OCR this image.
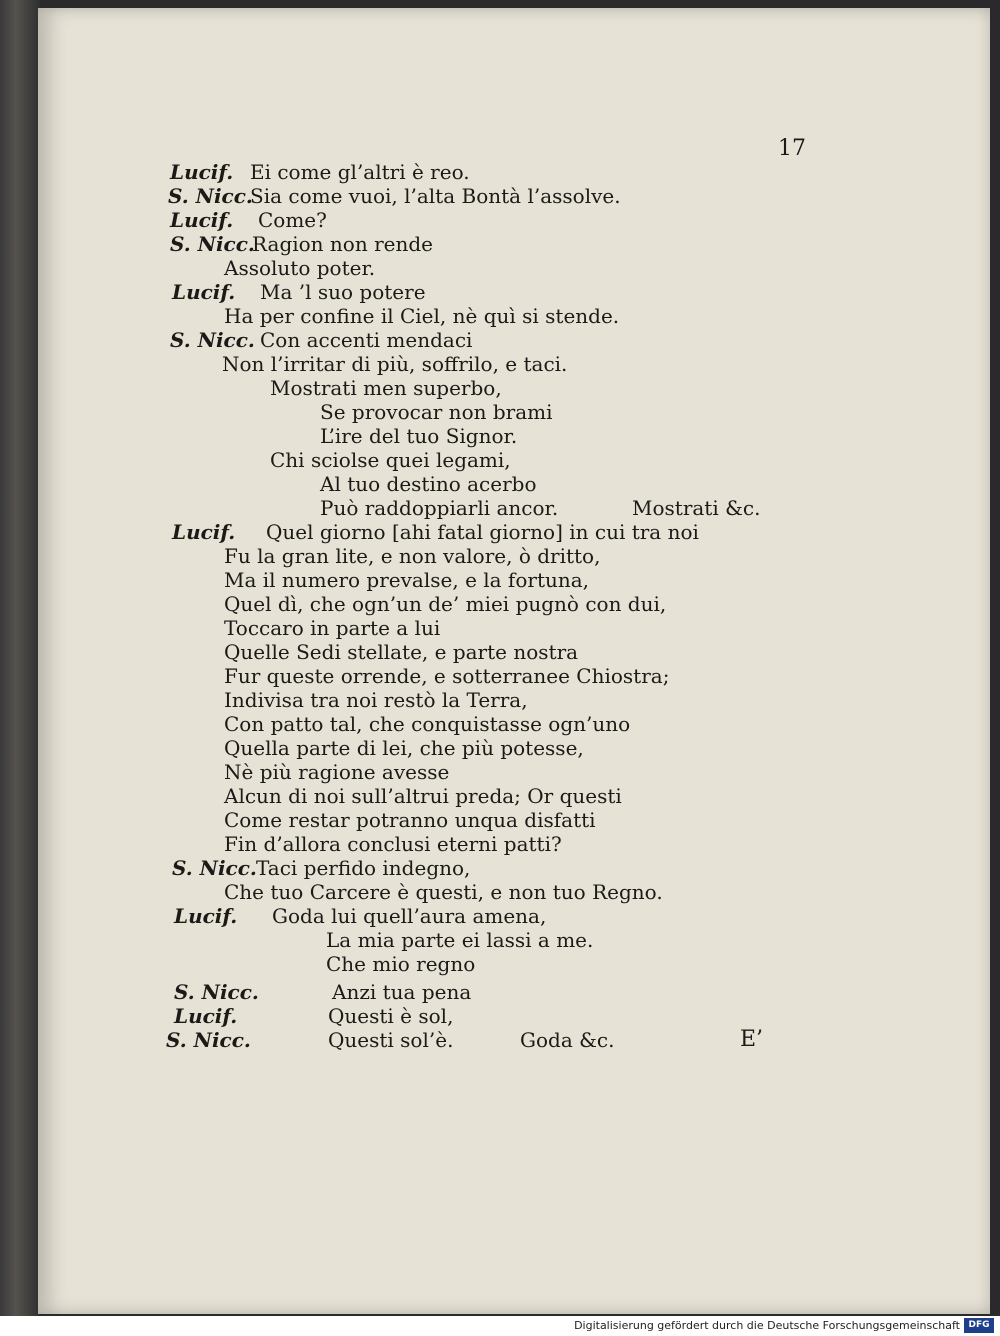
17
Lucif. Ei come gl’altri è reo.
S. Nicc.
Sia come vuoi, l’alta Bontà l’assolve.
Lucif. Come?
S. Nicc.
Ragion non rende
Assoluto poter.
Lucif. Ma ’l suo potere
Ha per confine il Ciel, nè quì si stende.
S. Nicc. Con accenti mendaci
Non l’irritar di più, soffrilo, e taci.
Mostrati men superbo,
Se provocar non brami
L’ire del tuo Signor.
Chi sciolse quei legami,
Al tuo destino acerbo
Può raddoppiarli ancor.	Mostrati &c.
Lucif. Quel giorno [ahi fatal giorno] in cui tra noi
Fu la gran lite, e non valore, ò dritto,
Ma il numero prevalse, e la fortuna,
Quel dì, che ogn’un de’ miei pugnò con dui,
Toccaro in parte a lui
Quelle Sedi stellate, e parte nostra
Fur queste orrende, e sotterranee Chiostra;
Indivisa tra noi restò la Terra,
Con patto tal, che conquistasse ogn’uno
Quella parte di lei, che più potesse,
Nè più ragione avesse
Alcun di noi sull’altrui preda; Or questi
Come restar potranno unqua disfatti
Fin d’allora conclusi eterni patti?
S. Nicc. Taci perfido indegno,
Che tuo Carcere è questi, e non tuo Regno.
Lucif. Goda lui quell’aura amena,
La mia parte ei lassi a me.
Che mio regno
S. Nicc.	Anzi tua pena
Lucif.	Questi è sol,
S. Nicc.	Questi sol’è.	Goda &c.	E’
Digitalisierung gefördert durch die Deutsche Forschungsgemeinschaft DFG
